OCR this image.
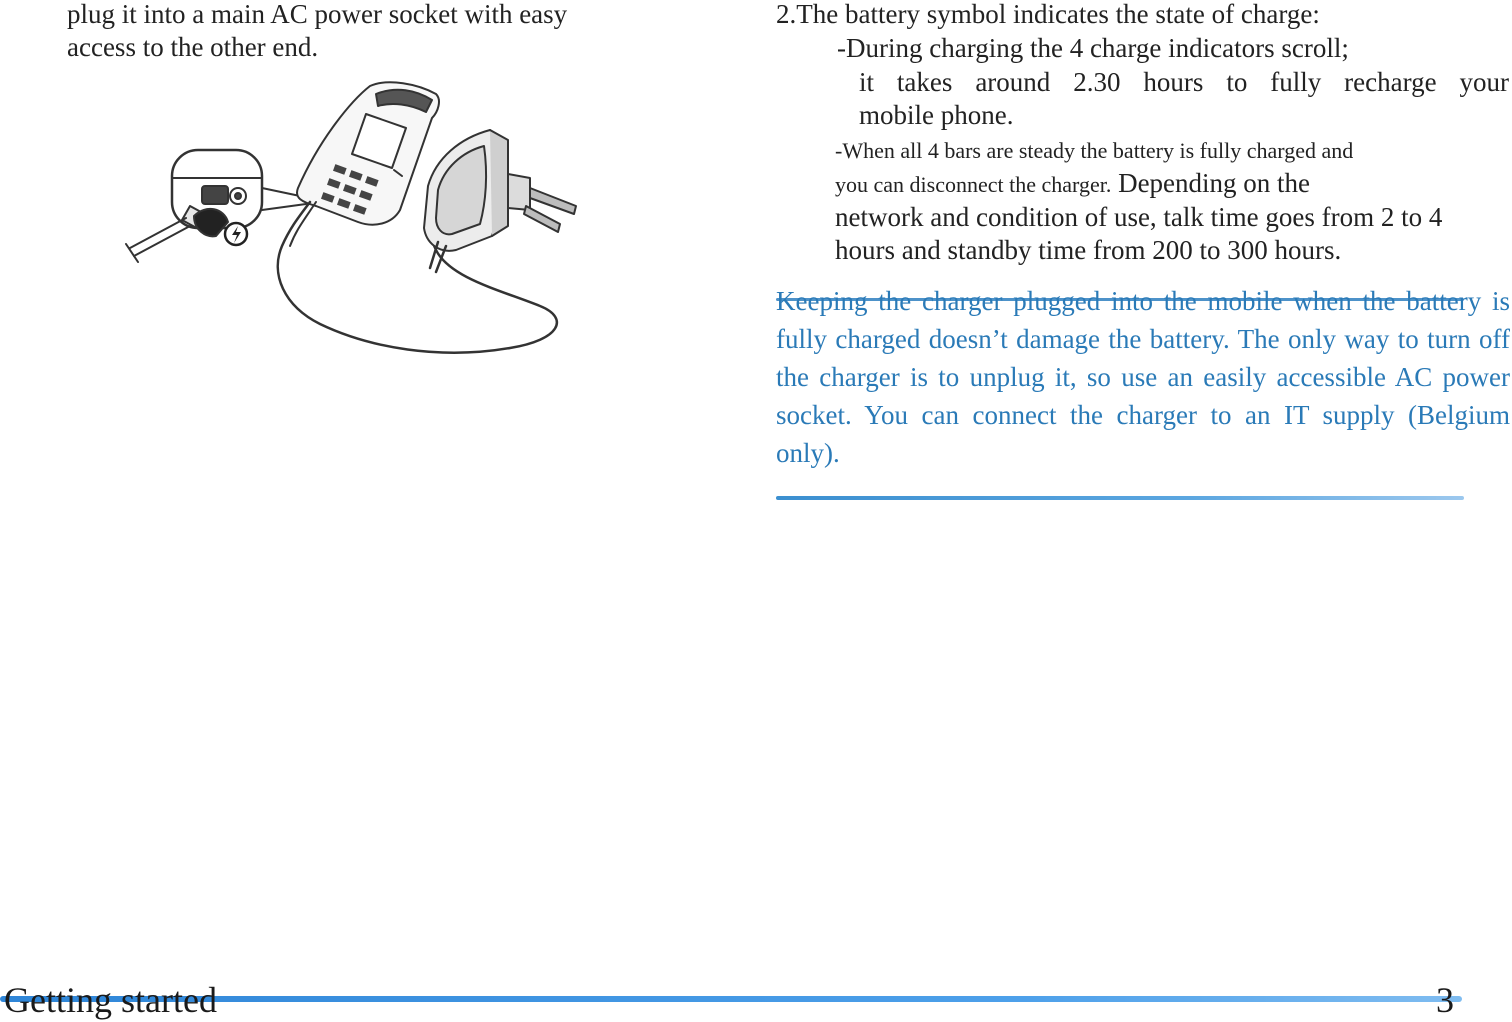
plug it into a main AC power socket with easy
access to the other end.
2.The battery symbol indicates the state of charge:
-During charging the 4 charge indicators scroll;
it takes around 2.30 hours to fully recharge your
mobile phone.
-When all 4 bars are steady the battery is fully charged and
you can disconnect the charger. Depending on the
network and condition of use, talk time goes from 2 to 4
hours and standby time from 200 to 300 hours.
Keeping the charger plugged into the mobile when the battery is fully charged doesn’t damage the battery. The only way to turn off the charger is to unplug it, so use an easily accessible AC power socket. You can connect the charger to an IT supply (Belgium only).
Getting started	3
